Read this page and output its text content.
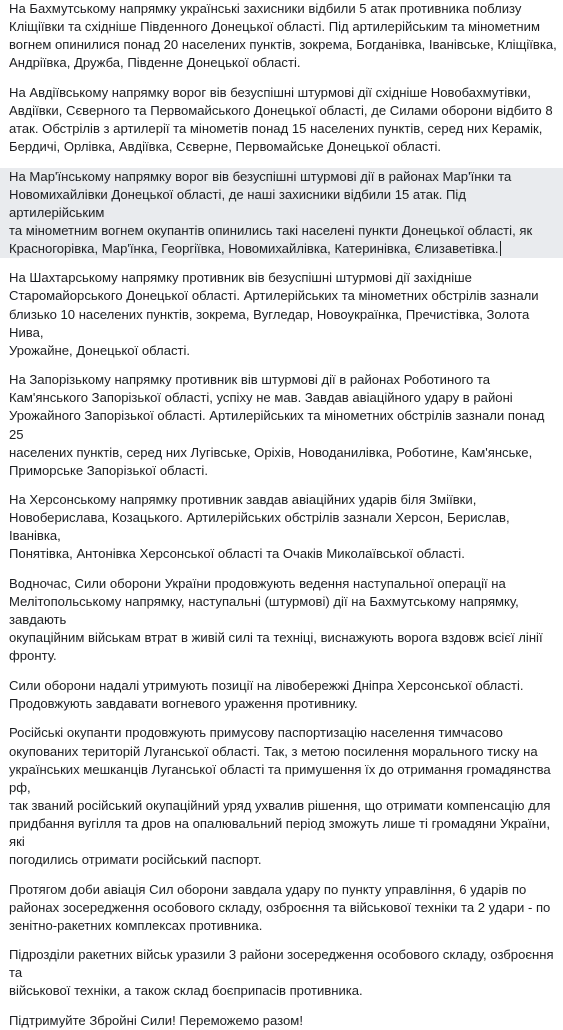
На Бахмутському напрямку українські захисники відбили 5 атак противника поблизу
Кліщіївки та східніше Південного Донецької області. Під артилерійським та мінометним
вогнем опинилися понад 20 населених пунктів, зокрема, Богданівка, Іванівське, Кліщіївка,
Андріївка, Дружба, Південне Донецької області.

На Авдіївському напрямку ворог вів безуспішні штурмові дії східніше Новобахмутівки,
Авдіївки, Сєверного та Первомайського Донецької області, де Силами оборони відбито 8
атак. Обстрілів з артилерії та мінометів понад 15 населених пунктів, серед них Керамік,
Бердичі, Орлівка, Авдіївка, Сєверне, Первомайське Донецької області.

На Мар'їнському напрямку ворог вів безуспішні штурмові дії в районах Мар'їнки та
Новомихайлівки Донецької області, де наші захисники відбили 15 атак. Під артилерійським
та мінометним вогнем окупантів опинились такі населені пункти Донецької області, як
Красногорівка, Мар'їнка, Георгіївка, Новомихайлівка, Катеринівка, Єлизаветівка.

На Шахтарському напрямку противник вів безуспішні штурмові дії західніше
Старомайорського Донецької області. Артилерійських та мінометних обстрілів зазнали
близько 10 населених пунктів, зокрема, Вугледар, Новоукраїнка, Пречистівка, Золота Нива,
Урожайне, Донецької області.

На Запорізькому напрямку противник вів штурмові дії в районах Роботиного та
Кам'янського Запорізької області, успіху не мав. Завдав авіаційного удару в районі
Урожайного Запорізької області. Артилерійських та мінометних обстрілів зазнали понад 25
населених пунктів, серед них Лугівське, Оріхів, Новоданилівка, Роботине, Кам'янське,
Приморське Запорізької області.

На Херсонському напрямку противник завдав авіаційних ударів біля Зміївки,
Новоберислава, Козацького. Артилерійських обстрілів зазнали Херсон, Берислав, Іванівка,
Понятівка, Антонівка Херсонської області та Очаків Миколаївської області.

Водночас, Сили оборони України продовжують ведення наступальної операції на
Мелітопольському напрямку, наступальні (штурмові) дії на Бахмутському напрямку, завдають
окупаційним військам втрат в живій силі та техніці, виснажують ворога вздовж всієї лінії
фронту.

Сили оборони надалі утримують позиції на лівобережжі Дніпра Херсонської області.
Продовжують завдавати вогневого ураження противнику.

Російські окупанти продовжують примусову паспортизацію населення тимчасово
окупованих територій Луганської області. Так, з метою посилення морального тиску на
українських мешканців Луганської області та примушення їх до отримання громадянства рф,
так званий російський окупаційний уряд ухвалив рішення, що отримати компенсацію для
придбання вугілля та дров на опалювальний період зможуть лише ті громадяни України, які
погодились отримати російський паспорт.

Протягом доби авіація Сил оборони завдала удару по пункту управління, 6 ударів по
районах зосередження особового складу, озброєння та військової техніки та 2 удари - по
зенітно-ракетних комплексах противника.

Підрозділи ракетних військ уразили 3 райони зосередження особового складу, озброєння та
військової техніки, а також склад боєприпасів противника.

Підтримуйте Збройні Сили! Переможемо разом!
